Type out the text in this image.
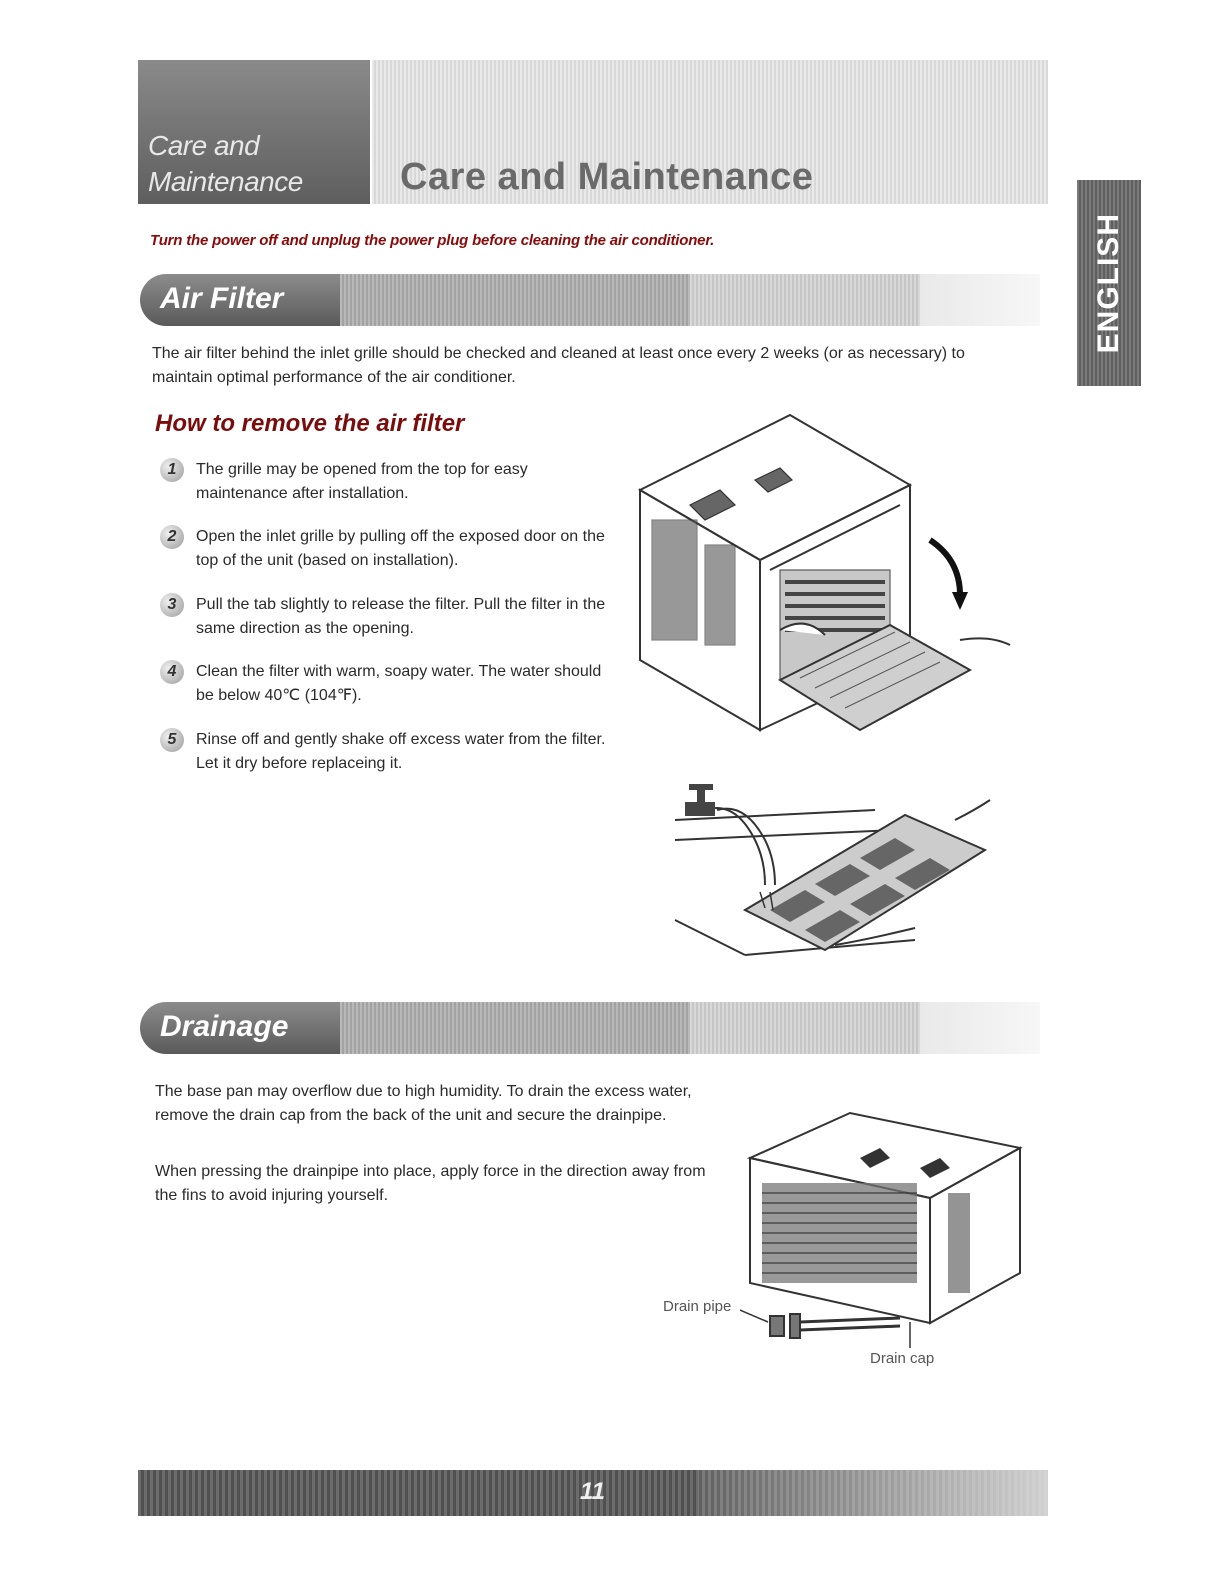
Care and
Maintenance	Care and Maintenance
ENGLISH
Turn the power off and unplug the power plug before cleaning the air conditioner.
Air Filter
The air filter behind the inlet grille should be checked and cleaned at least once every 2 weeks (or as necessary) to maintain optimal performance of the air conditioner.
How to remove the air filter
1	The grille may be opened from the top for easy maintenance after installation.
2	Open the inlet grille by pulling off the exposed door on the top of the unit (based on installation).
3	Pull the tab slightly to release the filter. Pull the filter in the same direction as the opening.
4	Clean the filter with warm, soapy water. The water should be below 40℃ (104℉).
5	Rinse off and gently shake off excess water from the filter. Let it dry before replaceing it.
Drainage
The base pan may overflow due to high humidity. To drain the excess water, remove the drain cap from the back of the unit and secure the drainpipe.
When pressing the drainpipe into place, apply force in the direction away from the fins to avoid injuring yourself.
Drain pipe
Drain cap
11
